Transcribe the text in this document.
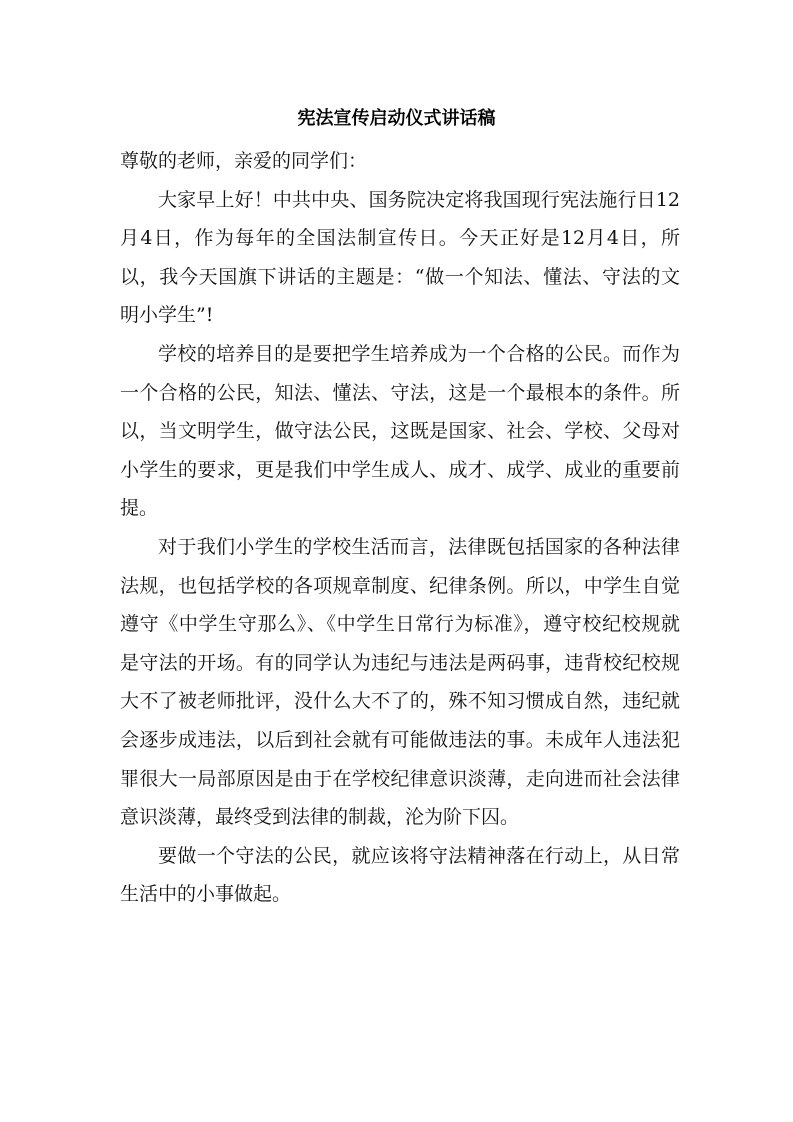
宪法宣传启动仪式讲话稿

尊敬的老师，亲爱的同学们：

大家早上好！中共中央、国务院决定将我国现行宪法施行日12月4日，作为每年的全国法制宣传日。今天正好是12月4日，所以，我今天国旗下讲话的主题是：“做一个知法、懂法、守法的文明小学生”!

学校的培养目的是要把学生培养成为一个合格的公民。而作为一个合格的公民，知法、懂法、守法，这是一个最根本的条件。所以，当文明学生，做守法公民，这既是国家、社会、学校、父母对小学生的要求，更是我们中学生成人、成才、成学、成业的重要前提。

对于我们小学生的学校生活而言，法律既包括国家的各种法律法规，也包括学校的各项规章制度、纪律条例。所以，中学生自觉遵守《中学生守那么》、《中学生日常行为标准》，遵守校纪校规就是守法的开场。有的同学认为违纪与违法是两码事，违背校纪校规大不了被老师批评，没什么大不了的，殊不知习惯成自然，违纪就会逐步成违法，以后到社会就有可能做违法的事。未成年人违法犯罪很大一局部原因是由于在学校纪律意识淡薄，走向进而社会法律意识淡薄，最终受到法律的制裁，沦为阶下囚。

要做一个守法的公民，就应该将守法精神落在行动上，从日常生活中的小事做起。
